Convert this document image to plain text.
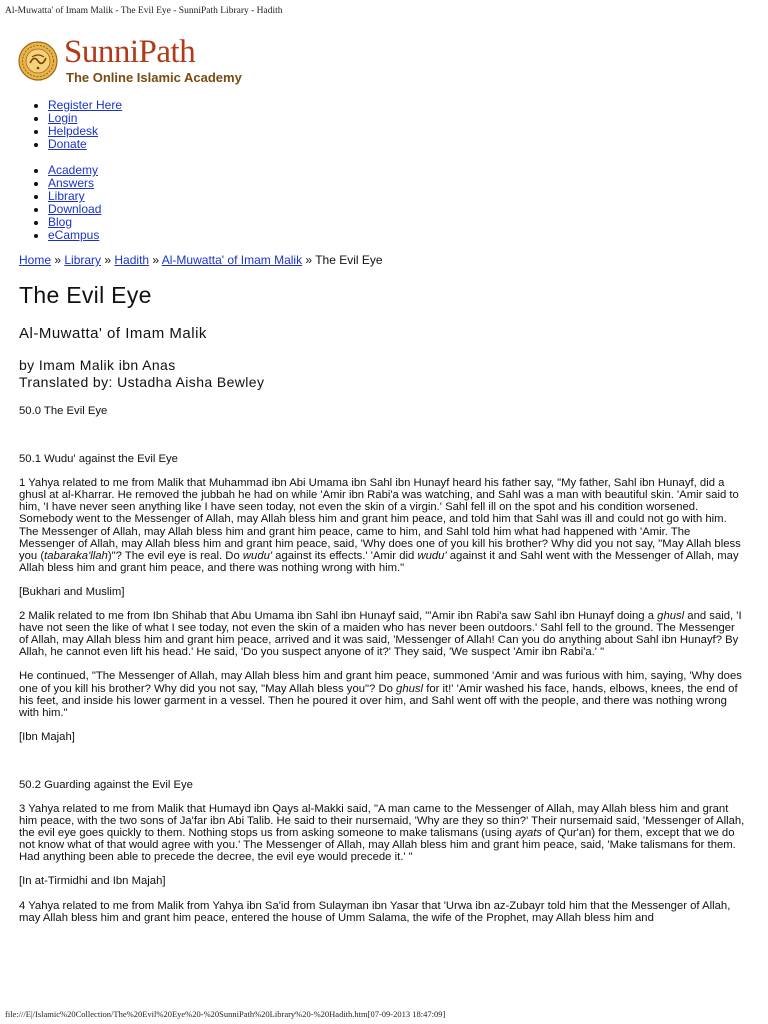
Al-Muwatta' of Imam Malik - The Evil Eye - SunniPath Library - Hadith
SunniPath
The Online Islamic Academy
• Register Here
• Login
• Helpdesk
• Donate
• Academy
• Answers
• Library
• Download
• Blog
• eCampus
Home » Library » Hadith » Al-Muwatta' of Imam Malik » The Evil Eye
The Evil Eye
Al-Muwatta' of Imam Malik
by Imam Malik ibn Anas
Translated by: Ustadha Aisha Bewley

50.0 The Evil Eye

50.1 Wudu' against the Evil Eye

1 Yahya related to me from Malik that Muhammad ibn Abi Umama ibn Sahl ibn Hunayf heard his father say, "My father, Sahl ibn Hunayf, did a ghusl at al-Kharrar. He removed the jubbah he had on while 'Amir ibn Rabi'a was watching, and Sahl was a man with beautiful skin. 'Amir said to him, 'I have never seen anything like I have seen today, not even the skin of a virgin.' Sahl fell ill on the spot and his condition worsened. Somebody went to the Messenger of Allah, may Allah bless him and grant him peace, and told him that Sahl was ill and could not go with him. The Messenger of Allah, may Allah bless him and grant him peace, came to him, and Sahl told him what had happened with 'Amir. The Messenger of Allah, may Allah bless him and grant him peace, said, 'Why does one of you kill his brother? Why did you not say, "May Allah bless you (tabaraka'llah)"? The evil eye is real. Do wudu' against its effects.' 'Amir did wudu' against it and Sahl went with the Messenger of Allah, may Allah bless him and grant him peace, and there was nothing wrong with him."

[Bukhari and Muslim]

2 Malik related to me from Ibn Shihab that Abu Umama ibn Sahl ibn Hunayf said, "'Amir ibn Rabi'a saw Sahl ibn Hunayf doing a ghusl and said, 'I have not seen the like of what I see today, not even the skin of a maiden who has never been outdoors.' Sahl fell to the ground. The Messenger of Allah, may Allah bless him and grant him peace, arrived and it was said, 'Messenger of Allah! Can you do anything about Sahl ibn Hunayf? By Allah, he cannot even lift his head.' He said, 'Do you suspect anyone of it?' They said, 'We suspect 'Amir ibn Rabi'a.' "

He continued, "The Messenger of Allah, may Allah bless him and grant him peace, summoned 'Amir and was furious with him, saying, 'Why does one of you kill his brother? Why did you not say, "May Allah bless you"? Do ghusl for it!' 'Amir washed his face, hands, elbows, knees, the end of his feet, and inside his lower garment in a vessel. Then he poured it over him, and Sahl went off with the people, and there was nothing wrong with him."

[Ibn Majah]

50.2 Guarding against the Evil Eye

3 Yahya related to me from Malik that Humayd ibn Qays al-Makki said, "A man came to the Messenger of Allah, may Allah bless him and grant him peace, with the two sons of Ja'far ibn Abi Talib. He said to their nursemaid, 'Why are they so thin?' Their nursemaid said, 'Messenger of Allah, the evil eye goes quickly to them. Nothing stops us from asking someone to make talismans (using ayats of Qur'an) for them, except that we do not know what of that would agree with you.' The Messenger of Allah, may Allah bless him and grant him peace, said, 'Make talismans for them. Had anything been able to precede the decree, the evil eye would precede it.' "

[In at-Tirmidhi and Ibn Majah]

4 Yahya related to me from Malik from Yahya ibn Sa'id from Sulayman ibn Yasar that 'Urwa ibn az-Zubayr told him that the Messenger of Allah, may Allah bless him and grant him peace, entered the house of Umm Salama, the wife of the Prophet, may Allah bless him and

file:///E|/Islamic%20Collection/The%20Evil%20Eye%20-%20SunniPath%20Library%20-%20Hadith.htm[07-09-2013 18:47:09]
